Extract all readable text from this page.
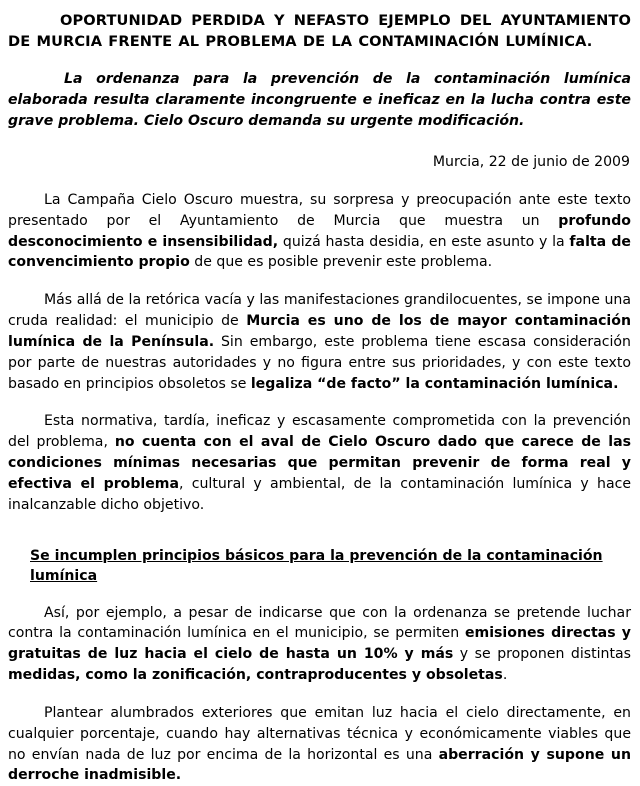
OPORTUNIDAD PERDIDA Y NEFASTO EJEMPLO DEL AYUNTAMIENTO DE MURCIA FRENTE AL PROBLEMA DE LA CONTAMINACIÓN LUMÍNICA.

La ordenanza para la prevención de la contaminación lumínica elaborada resulta claramente incongruente e ineficaz en la lucha contra este grave problema. Cielo Oscuro demanda su urgente modificación.

Murcia, 22 de junio de 2009

La Campaña Cielo Oscuro muestra, su sorpresa y preocupación ante este texto presentado por el Ayuntamiento de Murcia que muestra un profundo desconocimiento e insensibilidad, quizá hasta desidia, en este asunto y la falta de convencimiento propio de que es posible prevenir este problema.

Más allá de la retórica vacía y las manifestaciones grandilocuentes, se impone una cruda realidad: el municipio de Murcia es uno de los de mayor contaminación lumínica de la Península. Sin embargo, este problema tiene escasa consideración por parte de nuestras autoridades y no figura entre sus prioridades, y con este texto basado en principios obsoletos se legaliza “de facto” la contaminación lumínica.

Esta normativa, tardía, ineficaz y escasamente comprometida con la prevención del problema, no cuenta con el aval de Cielo Oscuro dado que carece de las condiciones mínimas necesarias que permitan prevenir de forma real y efectiva el problema, cultural y ambiental, de la contaminación lumínica y hace inalcanzable dicho objetivo.

Se incumplen principios básicos para la prevención de la contaminación lumínica

Así, por ejemplo, a pesar de indicarse que con la ordenanza se pretende luchar contra la contaminación lumínica en el municipio, se permiten emisiones directas y gratuitas de luz hacia el cielo de hasta un 10% y más y se proponen distintas medidas, como la zonificación, contraproducentes y obsoletas.

Plantear alumbrados exteriores que emitan luz hacia el cielo directamente, en cualquier porcentaje, cuando hay alternativas técnica y económicamente viables que no envían nada de luz por encima de la horizontal es una aberración y supone un derroche inadmisible.
